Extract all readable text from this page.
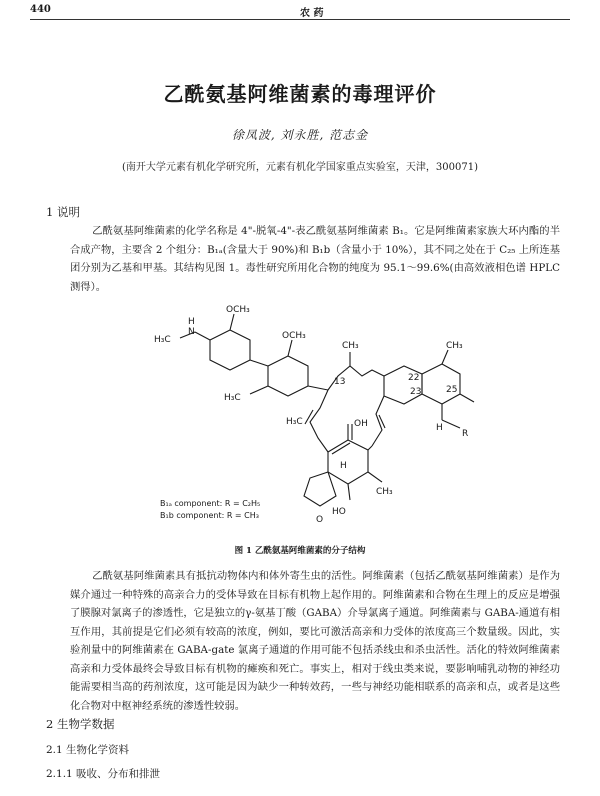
440	农 药
乙酰氨基阿维菌素的毒理评价
徐凤波, 刘永胜, 范志金
(南开大学元素有机化学研究所，元素有机化学国家重点实验室，天津，300071)
1 说明
乙酰氨基阿维菌素的化学名称是 4"-脱氧-4"-表乙酰氨基阿维菌素 B₁。它是阿维菌素家族大环内酯的半合成产物，主要含 2 个组分：B₁ₐ(含量大于 90%)和 B₁b（含量小于 10%），其不同之处在于 C₂₅ 上所连基团分别为乙基和甲基。其结构见图 1。毒性研究所用化合物的纯度为 95.1～99.6%(由高效液相色谱 HPLC 测得）。
H₃C
N
H
OCH₃
OCH₃
H₃C
H₃C
CH₃	CH₃
H
R
OH
HO
CH₃
13	22
23	25
H
O
B₁ₐ component: R = C₂H₅
B₁b component: R = CH₃
图 1 乙酰氨基阿维菌素的分子结构
乙酰氨基阿维菌素具有抵抗动物体内和体外寄生虫的活性。阿维菌素（包括乙酰氨基阿维菌素）是作为媒介通过一种特殊的高亲合力的受体导致在目标有机物上起作用的。阿维菌素和合物在生理上的反应是增强了膜腺对氯离子的渗透性，它是独立的γ-氨基丁酸（GABA）介导氯离子通道。阿维菌素与 GABA-通道有相互作用，其前提是它们必须有较高的浓度，例如，要比可激活高亲和力受体的浓度高三个数量级。因此，实验剂量中的阿维菌素在 GABA-gate 氯离子通道的作用可能不包括杀线虫和杀虫活性。活化的特效阿维菌素高亲和力受体最终会导致目标有机物的瘫痪和死亡。事实上，相对于线虫类来说，要影响哺乳动物的神经功能需要相当高的药剂浓度，这可能是因为缺少一种转效药，一些与神经功能相联系的高亲和点，或者是这些化合物对中枢神经系统的渗透性较弱。
2 生物学数据
2.1 生物化学资料
2.1.1 吸收、分布和排泄
